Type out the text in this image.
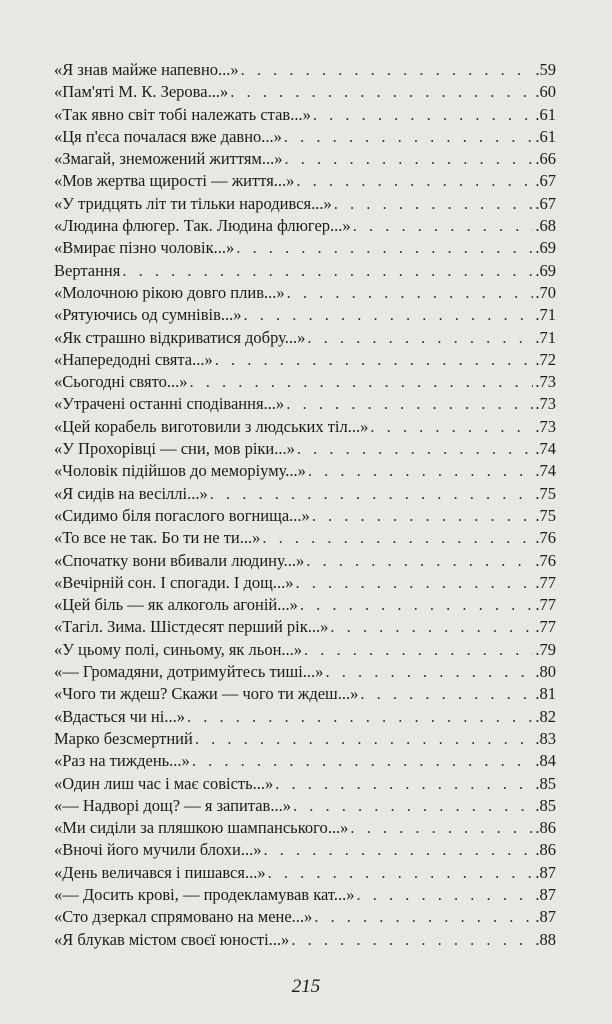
«Я знав майже напевно...» . . .	.59
«Пам'яті М. К. Зерова...» . . .	.60
«Так явно світ тобі належать став...» . . .	.61
«Ця п'єса почалася вже давно...» . . .	.61
«Змагай, знеможений життям...» . . .	.66
«Мов жертва щирості — життя...» . . .	.67
«У тридцять літ ти тільки народився...» . . .	.67
«Людина флюгер. Так. Людина флюгер...» . . .	.68
«Вмирає пізно чоловік...» . . .	.69
Вертання . . .	.69
«Молочною рікою довго плив...» . . .	.70
«Рятуючись од сумнівів...» . . .	.71
«Як страшно відкриватися добру...» . . .	.71
«Напередодні свята...» . . .	.72
«Сьогодні свято...» . . .	.73
«Утрачені останні сподівання...» . . .	.73
«Цей корабель виготовили з людських тіл...» . . .	.73
«У Прохорівці — сни, мов ріки...» . . .	.74
«Чоловік підійшов до меморіуму...» . . .	.74
«Я сидів на весіллі...» . . .	.75
«Сидимо біля погаслого вогнища...» . . .	.75
«То все не так. Бо ти не ти...» . . .	.76
«Спочатку вони вбивали людину...» . . .	.76
«Вечірній сон. І спогади. І дощ...» . . .	.77
«Цей біль — як алкоголь агоній...» . . .	.77
«Тагіл. Зима. Шістдесят перший рік...» . . .	.77
«У цьому полі, синьому, як льон...» . . .	.79
«— Громадяни, дотримуйтесь тиші...» . . .	.80
«Чого ти ждеш? Скажи — чого ти ждеш...» . . .	.81
«Вдасться чи ні...» . . .	.82
Марко безсмертний . . .	.83
«Раз на тиждень...» . . .	.84
«Один лиш час і має совість...» . . .	.85
«— Надворі дощ? — я запитав...» . . .	.85
«Ми сиділи за пляшкою шампанського...» . . .	.86
«Вночі його мучили блохи...» . . .	.86
«День величався і пишався...» . . .	.87
«— Досить крові, — продекламував кат...» . . .	.87
«Сто дзеркал спрямовано на мене...» . . .	.87
«Я блукав містом своєї юності...» . . .	.88
215
